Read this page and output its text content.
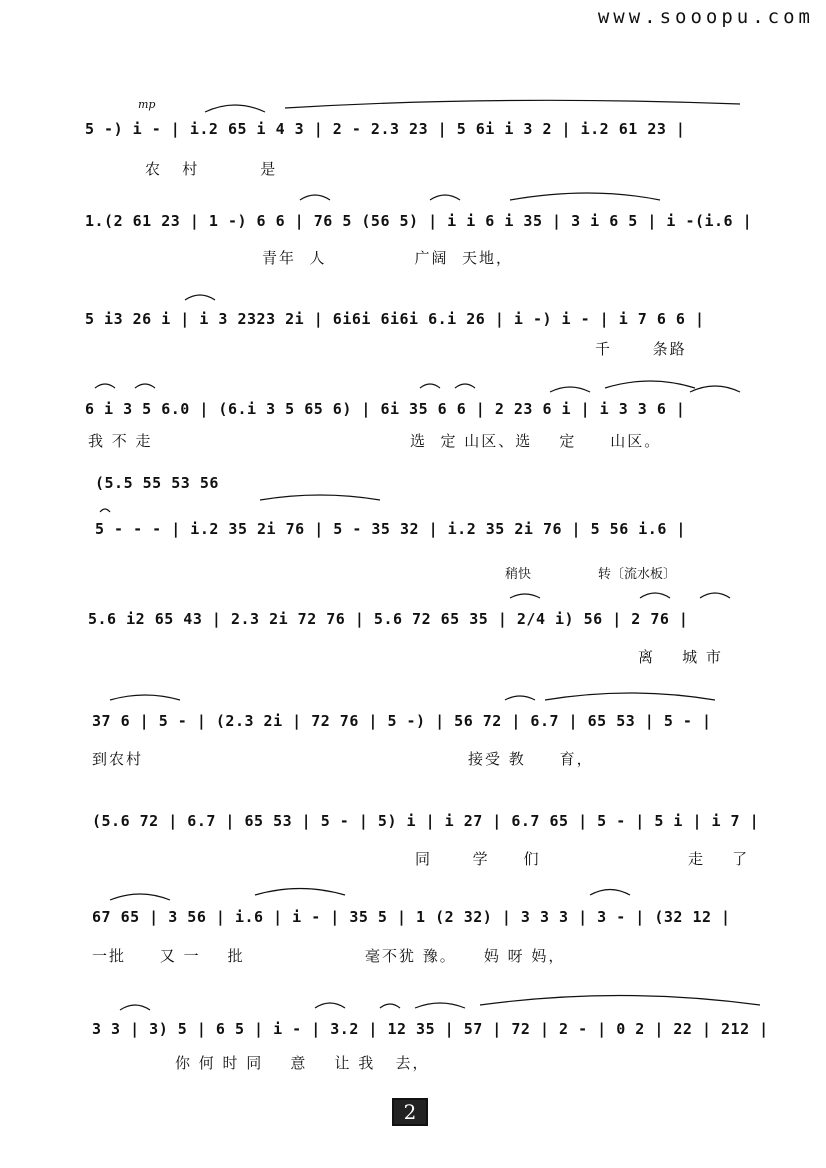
www.sooopu.com
mp
5 -) i - | i.2 65 i 4 3 | 2 - 2.3 23 | 5 6i i 3 2 | i.2 61 23 |
农   村         是
1.(2 61 23 | 1 -) 6 6 | 76 5 (56 5) | i i 6 i 35 | 3 i 6 5 | i -(i.6 |
青年  人             广阔  天地，
5 i3 26 i | i 3 2323 2i | 6i6i 6i6i 6.i 26 | i -) i - | i 7 6 6 |
千      条路
6 i 3 5 6.0 | (6.i 3 5 65 6) | 6i 35 6 6 | 2 23 6 i | i 3 3 6 |
我 不 走	选  定 山区、选    定     山区。
(5.5 55 53 56
5 - - - | i.2 35 2i 76 | 5 - 35 32 | i.2 35 2i 76 | 5 56 i.6 |
稍快	转〔流水板〕
5.6 i2 65 43 | 2.3 2i 72 76 | 5.6 72 65 35 | 2/4 i) 56 | 2 76 |
离    城 市
37 6 | 5 - | (2.3 2i | 72 76 | 5 -) | 56 72 | 6.7 | 65 53 | 5 - |
到农村	接受 教     育，
(5.6 72 | 6.7 | 65 53 | 5 - | 5) i | i 27 | 6.7 65 | 5 - | 5 i | i 7 |
同      学     们	走    了
67 65 | 3 56 | i.6 | i - | 35 5 | 1 (2 32) | 3 3 3 | 3 - | (32 12 |
一批     又 一    批	毫不犹 豫。    妈 呀 妈，
3 3 | 3) 5 | 6 5 | i - | 3.2 | 12 35 | 57 | 72 | 2 - | 0 2 | 22 | 212 |
你 何 时 同    意    让 我   去，
2
